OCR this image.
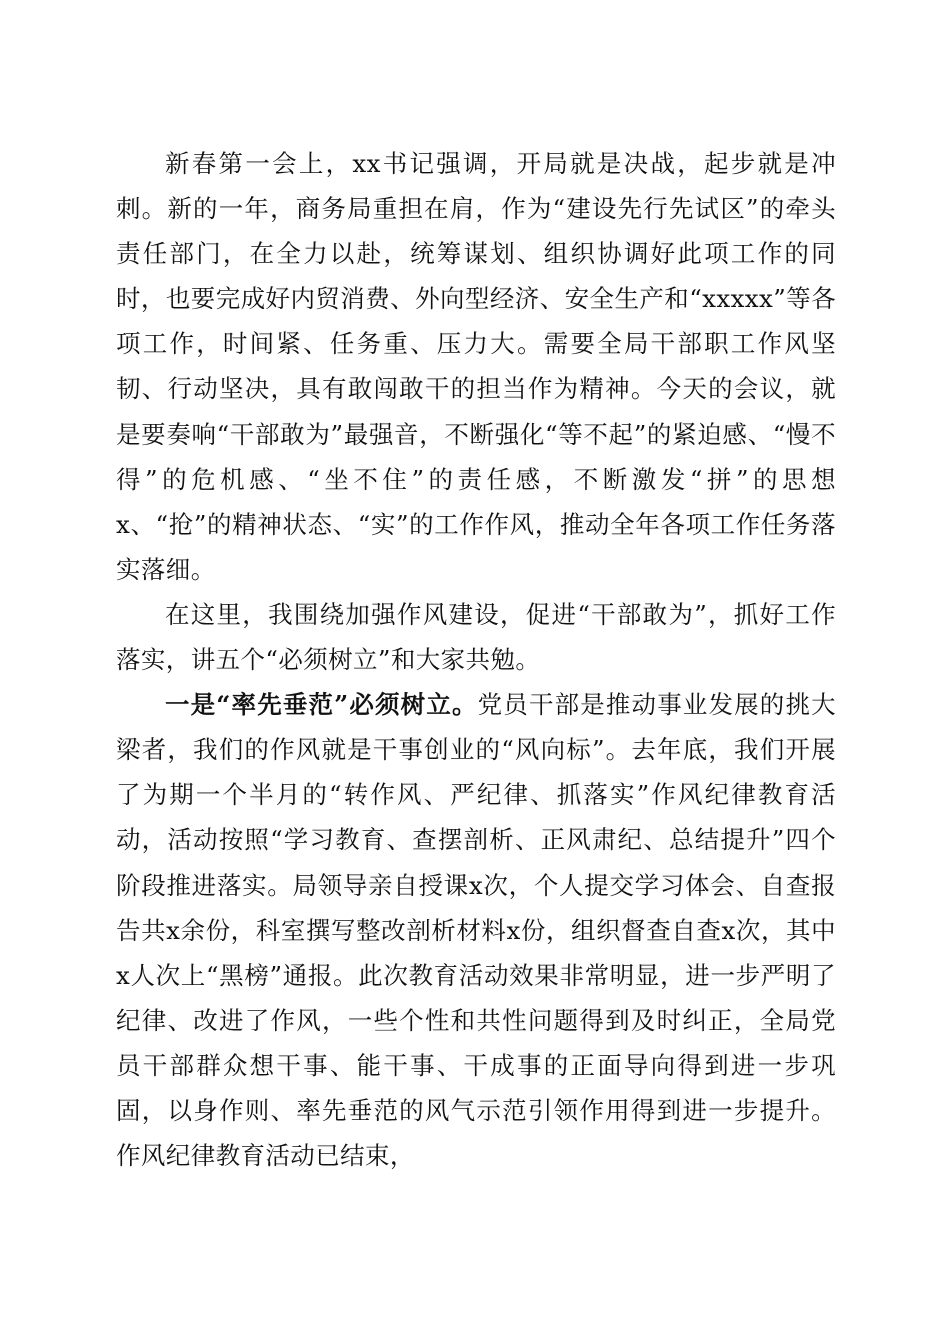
新春第一会上，xx书记强调，开局就是决战，起步就是冲刺。新的一年，商务局重担在肩，作为“建设先行先试区”的牵头责任部门，在全力以赴，统筹谋划、组织协调好此项工作的同时，也要完成好内贸消费、外向型经济、安全生产和“xxxxx”等各项工作，时间紧、任务重、压力大。需要全局干部职工作风坚韧、行动坚决，具有敢闯敢干的担当作为精神。今天的会议，就是要奏响“干部敢为”最强音，不断强化“等不起”的紧迫感、“慢不得”的危机感、“坐不住”的责任感，不断激发“拼”的思想x、“抢”的精神状态、“实”的工作作风，推动全年各项工作任务落实落细。

在这里，我围绕加强作风建设，促进“干部敢为”，抓好工作落实，讲五个“必须树立”和大家共勉。

一是“率先垂范”必须树立。党员干部是推动事业发展的挑大梁者，我们的作风就是干事创业的“风向标”。去年底，我们开展了为期一个半月的“转作风、严纪律、抓落实”作风纪律教育活动，活动按照“学习教育、查摆剖析、正风肃纪、总结提升”四个阶段推进落实。局领导亲自授课x次，个人提交学习体会、自查报告共x余份，科室撰写整改剖析材料x份，组织督查自查x次，其中x人次上“黑榜”通报。此次教育活动效果非常明显，进一步严明了纪律、改进了作风，一些个性和共性问题得到及时纠正，全局党员干部群众想干事、能干事、干成事的正面导向得到进一步巩固，以身作则、率先垂范的风气示范引领作用得到进一步提升。作风纪律教育活动已结束，
